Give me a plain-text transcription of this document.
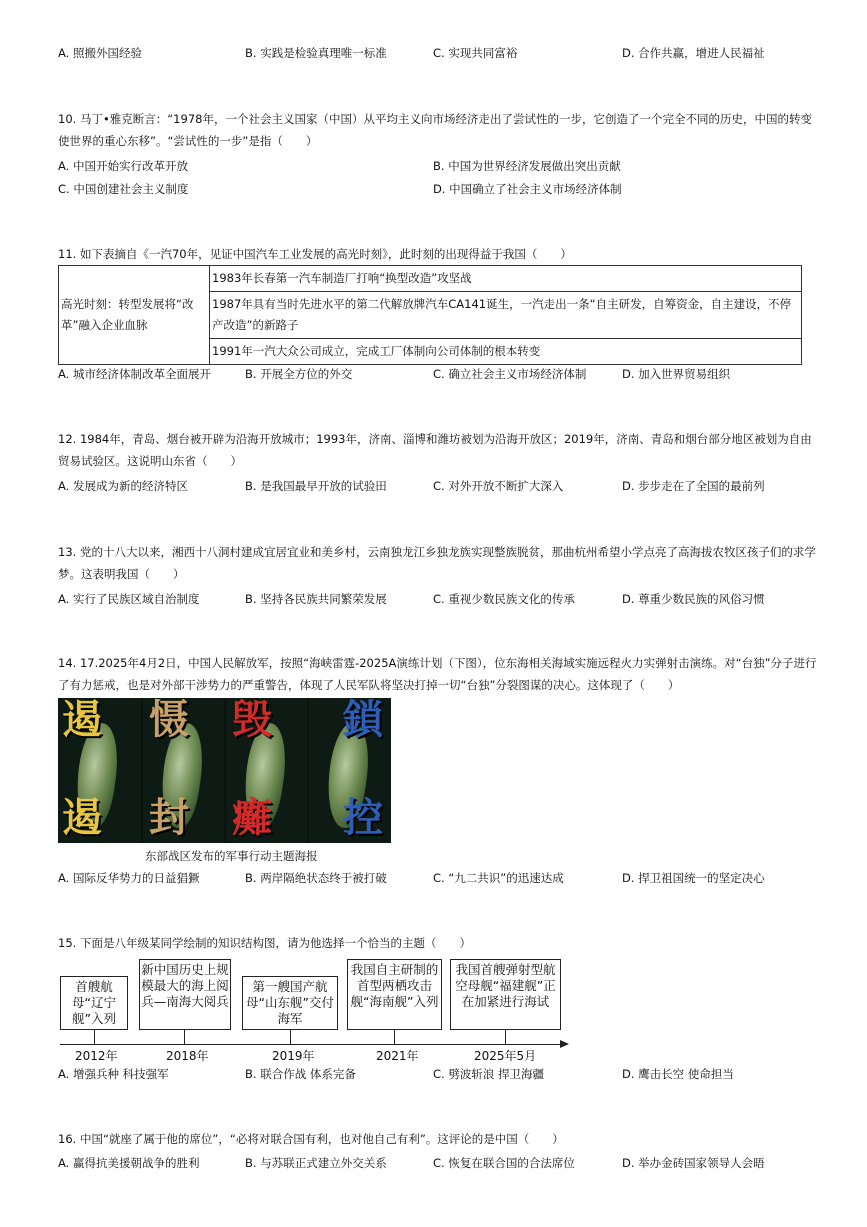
A. 照搬外国经验	B. 实践是检验真理唯一标准	C. 实现共同富裕	D. 合作共赢，增进人民福祉
10. 马丁•雅克断言：“1978年，一个社会主义国家（中国）从平均主义向市场经济走出了尝试性的一步，它创造了一个完全不同的历史，中国的转变使世界的重心东移”。“尝试性的一步”是指（　　）
A. 中国开始实行改革开放	B. 中国为世界经济发展做出突出贡献
C. 中国创建社会主义制度	D. 中国确立了社会主义市场经济体制
11. 如下表摘自《一汽70年，见证中国汽车工业发展的高光时刻》，此时刻的出现得益于我国（　　）
高光时刻：转型发展将“改革”融入企业血脉	1983年长春第一汽车制造厂打响“换型改造”攻坚战
1987年具有当时先进水平的第二代解放牌汽车CA141诞生，一汽走出一条“自主研发，自筹资金，自主建设，不停产改造”的新路子
1991年一汽大众公司成立，完成工厂体制向公司体制的根本转变
A. 城市经济体制改革全面展开	B. 开展全方位的外交	C. 确立社会主义市场经济体制	D. 加入世界贸易组织
12. 1984年，青岛、烟台被开辟为沿海开放城市；1993年，济南、淄博和潍坊被划为沿海开放区；2019年，济南、青岛和烟台部分地区被划为自由贸易试验区。这说明山东省（　　）
A. 发展成为新的经济特区	B. 是我国最早开放的试验田	C. 对外开放不断扩大深入	D. 步步走在了全国的最前列
13. 党的十八大以来，湘西十八洞村建成宜居宜业和美乡村，云南独龙江乡独龙族实现整族脱贫，那曲杭州希望小学点亮了高海拔农牧区孩子们的求学梦。这表明我国（　　）
A. 实行了民族区域自治制度	B. 坚持各民族共同繁荣发展	C. 重视少数民族文化的传承	D. 尊重少数民族的风俗习惯
14. 17.2025年4月2日，中国人民解放军，按照“海峡雷霆-2025A演练计划（下图），位东海相关海域实施远程火力实弹射击演练。对“台独”分子进行了有力惩戒，也是对外部干涉势力的严重警告，体现了人民军队将坚决打掉一切“台独”分裂图谋的决心。这体现了（　　）
遏
遏
慑
封
毁
癱
鎖
控
东部战区发布的军事行动主题海报
A. 国际反华势力的日益猖獗	B. 两岸隔绝状态终于被打破	C. “九二共识”的迅速达成	D. 捍卫祖国统一的坚定决心
15. 下面是八年级某同学绘制的知识结构图，请为他选择一个恰当的主题（　　）
首艘航母“辽宁舰”入列
新中国历史上规模最大的海上阅兵—南海大阅兵
第一艘国产航母“山东舰”交付海军
我国自主研制的首型两栖攻击舰“海南舰”入列
我国首艘弹射型航空母舰“福建舰”正在加紧进行海试
2012年	2018年	2019年	2021年	2025年5月
A. 增强兵种 科技强军	B. 联合作战 体系完备	C. 劈波斩浪 捍卫海疆	D. 鹰击长空 使命担当
16. 中国“就座了属于他的席位”，“必将对联合国有利，也对他自己有利”。这评论的是中国（　　）
A. 赢得抗美援朝战争的胜利	B. 与苏联正式建立外交关系	C. 恢复在联合国的合法席位	D. 举办金砖国家领导人会晤
